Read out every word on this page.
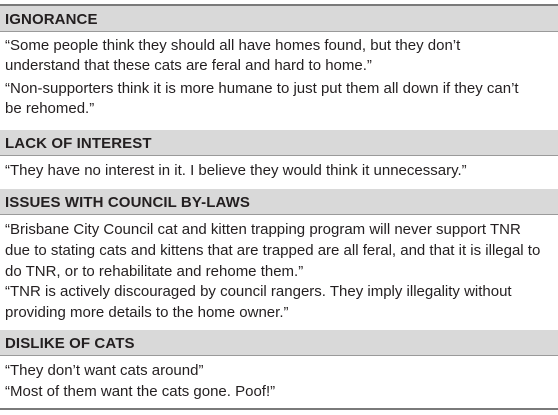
IGNORANCE
“Some people think they should all have homes found, but they don’t
understand that these cats are feral and hard to home.”
“Non-supporters think it is more humane to just put them all down if they can’t
be rehomed.”
LACK OF INTEREST
“They have no interest in it. I believe they would think it unnecessary.”
ISSUES WITH COUNCIL BY-LAWS
“Brisbane City Council cat and kitten trapping program will never support TNR
due to stating cats and kittens that are trapped are all feral, and that it is illegal to
do TNR, or to rehabilitate and rehome them.”
“TNR is actively discouraged by council rangers. They imply illegality without
providing more details to the home owner.”
DISLIKE OF CATS
“They don’t want cats around”
“Most of them want the cats gone. Poof!”
